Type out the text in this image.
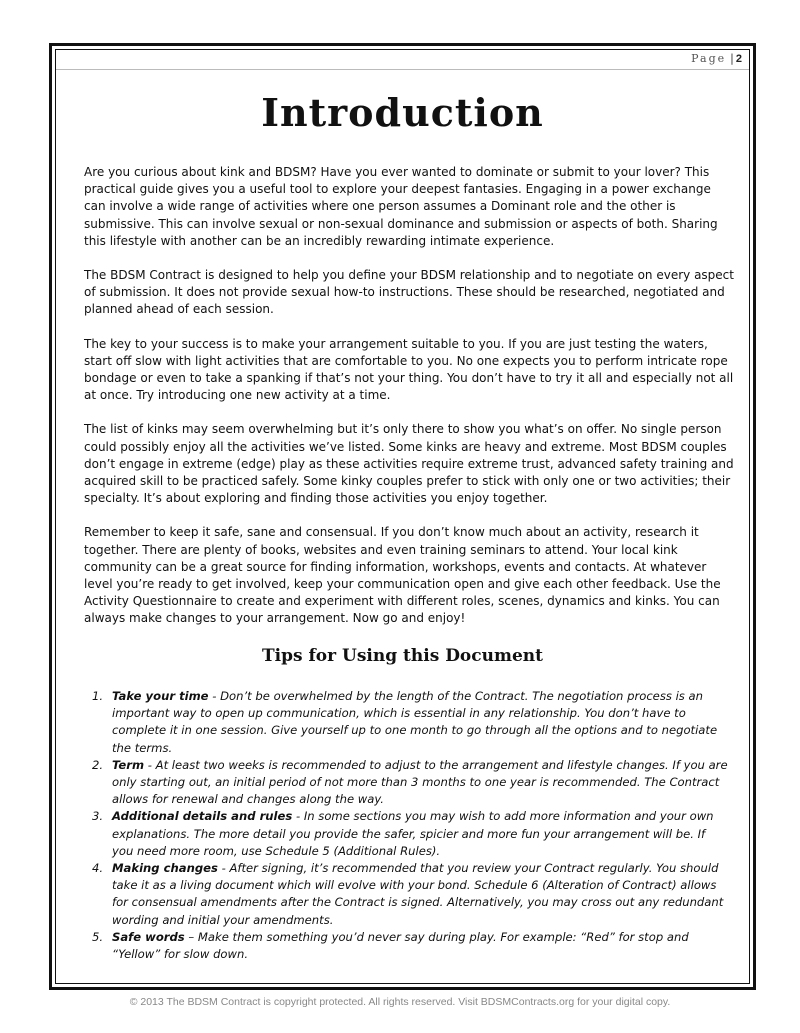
Page | 2
Introduction

Are you curious about kink and BDSM? Have you ever wanted to dominate or submit to your lover? This practical guide gives you a useful tool to explore your deepest fantasies. Engaging in a power exchange can involve a wide range of activities where one person assumes a Dominant role and the other is submissive. This can involve sexual or non-sexual dominance and submission or aspects of both. Sharing this lifestyle with another can be an incredibly rewarding intimate experience.

The BDSM Contract is designed to help you define your BDSM relationship and to negotiate on every aspect of submission. It does not provide sexual how-to instructions. These should be researched, negotiated and planned ahead of each session.

The key to your success is to make your arrangement suitable to you. If you are just testing the waters, start off slow with light activities that are comfortable to you. No one expects you to perform intricate rope bondage or even to take a spanking if that’s not your thing. You don’t have to try it all and especially not all at once. Try introducing one new activity at a time.

The list of kinks may seem overwhelming but it’s only there to show you what’s on offer. No single person could possibly enjoy all the activities we’ve listed. Some kinks are heavy and extreme. Most BDSM couples don’t engage in extreme (edge) play as these activities require extreme trust, advanced safety training and acquired skill to be practiced safely. Some kinky couples prefer to stick with only one or two activities; their specialty. It’s about exploring and finding those activities you enjoy together.

Remember to keep it safe, sane and consensual. If you don’t know much about an activity, research it together. There are plenty of books, websites and even training seminars to attend. Your local kink community can be a great source for finding information, workshops, events and contacts. At whatever level you’re ready to get involved, keep your communication open and give each other feedback. Use the Activity Questionnaire to create and experiment with different roles, scenes, dynamics and kinks. You can always make changes to your arrangement. Now go and enjoy!

Tips for Using this Document
1. Take your time - Don’t be overwhelmed by the length of the Contract. The negotiation process is an important way to open up communication, which is essential in any relationship. You don’t have to complete it in one session. Give yourself up to one month to go through all the options and to negotiate the terms.
2. Term - At least two weeks is recommended to adjust to the arrangement and lifestyle changes. If you are only starting out, an initial period of not more than 3 months to one year is recommended. The Contract allows for renewal and changes along the way.
3. Additional details and rules - In some sections you may wish to add more information and your own explanations. The more detail you provide the safer, spicier and more fun your arrangement will be. If you need more room, use Schedule 5 (Additional Rules).
4. Making changes - After signing, it’s recommended that you review your Contract regularly. You should take it as a living document which will evolve with your bond. Schedule 6 (Alteration of Contract) allows for consensual amendments after the Contract is signed. Alternatively, you may cross out any redundant wording and initial your amendments.
5. Safe words – Make them something you’d never say during play. For example: “Red” for stop and “Yellow” for slow down.
© 2013 The BDSM Contract is copyright protected. All rights reserved. Visit BDSMContracts.org for your digital copy.
